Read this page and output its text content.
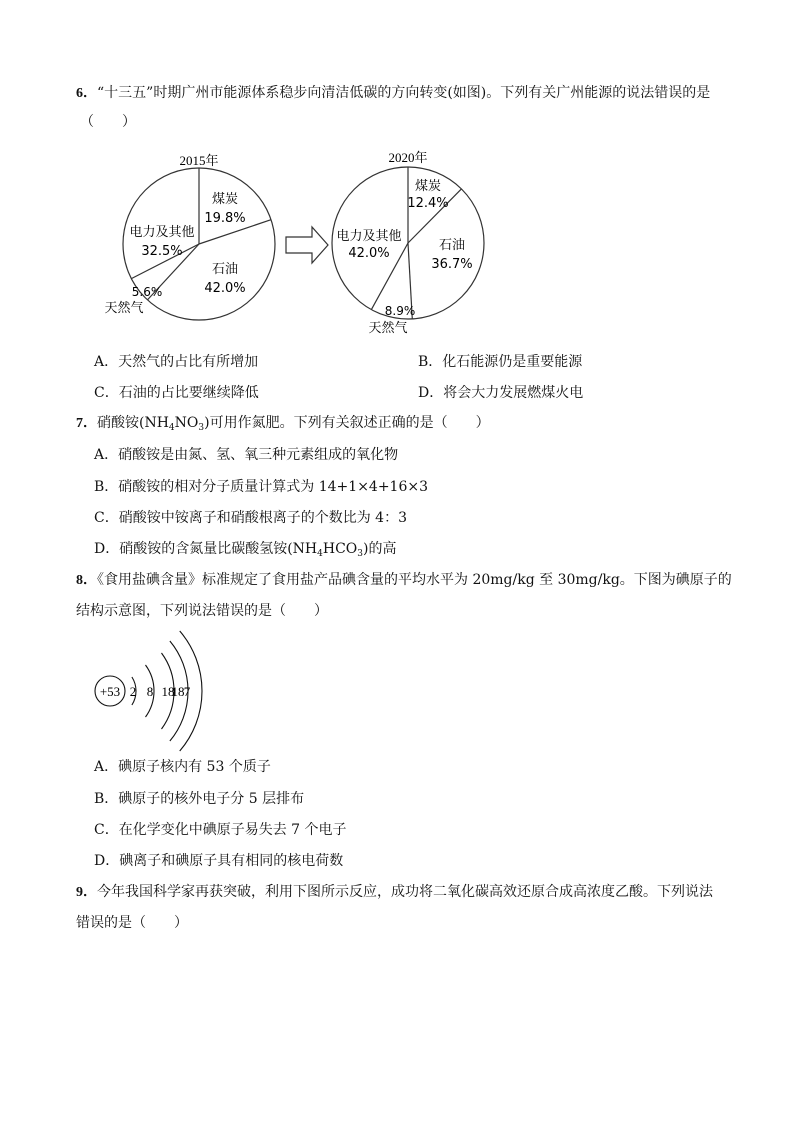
6．“十三五”时期广州市能源体系稳步向清洁低碳的方向转变(如图)。下列有关广州能源的说法错误的是
（　　）
2015年
煤炭
19.8%
石油
42.0%
电力及其他
32.5%
5.6%
天然气
2020年
煤炭
12.4%
石油
36.7%
电力及其他
42.0%
8.9%
天然气
A．天然气的占比有所增加	B．化石能源仍是重要能源
C．石油的占比要继续降低	D．将会大力发展燃煤火电
7．硝酸铵$(NH_4NO_3)$可用作氮肥。下列有关叙述正确的是（　　）
A．硝酸铵是由氮、氢、氧三种元素组成的氧化物
B．硝酸铵的相对分子质量计算式为 14+1×4+16×3
C．硝酸铵中铵离子和硝酸根离子的个数比为 4：3
D．硝酸铵的含氮量比碳酸氢铵$(NH_4HCO_3)$的高
8．《食用盐碘含量》标准规定了食用盐产品碘含量的平均水平为 20mg/kg 至 30mg/kg。下图为碘原子的
结构示意图，下列说法错误的是（　　）
+53 2 8 18
18 7
A．碘原子核内有 53 个质子
B．碘原子的核外电子分 5 层排布
C．在化学变化中碘原子易失去 7 个电子
D．碘离子和碘原子具有相同的核电荷数
9．今年我国科学家再获突破，利用下图所示反应，成功将二氧化碳高效还原合成高浓度乙酸。下列说法
错误的是（　　）
